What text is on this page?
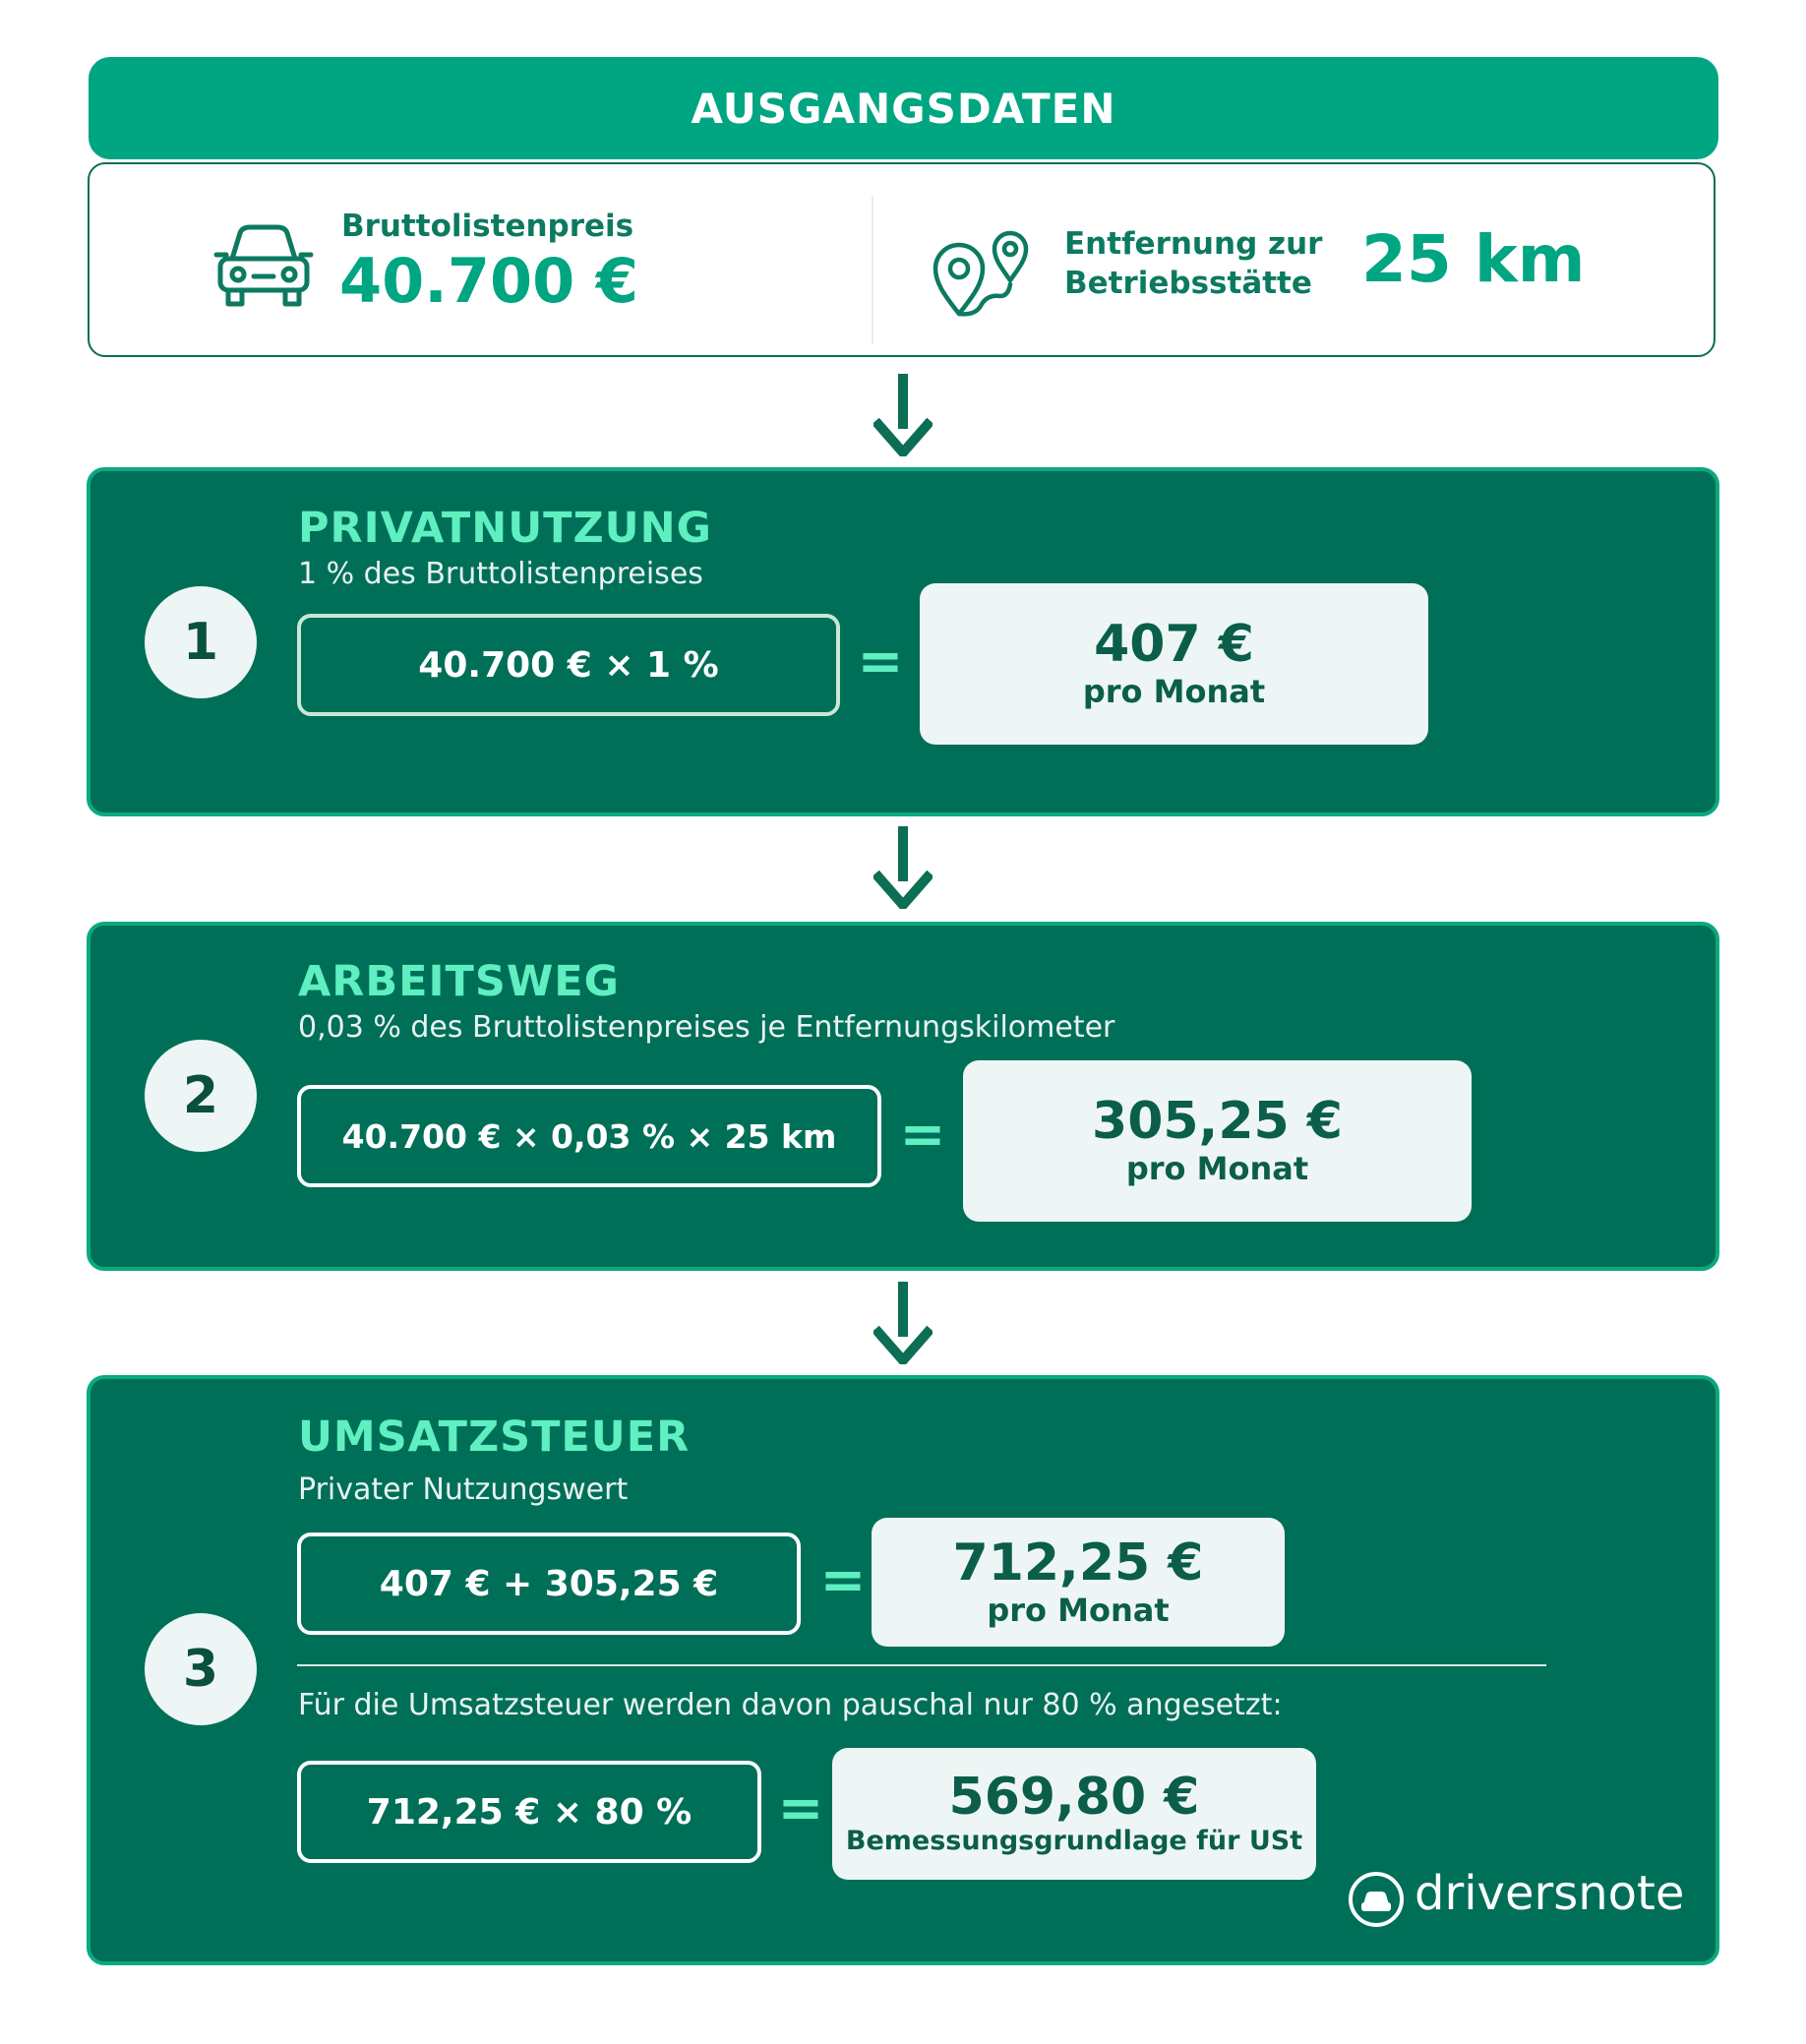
AUSGANGSDATEN
Bruttolistenpreis
40.700 €
Entfernung zur
Betriebsstätte 25 km
1
PRIVATNUTZUNG
1 % des Bruttolistenpreises
40.700 € × 1 %	=	407 €
pro Monat
2
ARBEITSWEG
0,03 % des Bruttolistenpreises je Entfernungskilometer
40.700 € × 0,03 % × 25 km	=	305,25 €
pro Monat
3
UMSATZSTEUER
Privater Nutzungswert
407 € + 305,25 €	= 712,25 €
pro Monat
Für die Umsatzsteuer werden davon pauschal nur 80 % angesetzt:
712,25 € × 80 %	= 569,80 €
Bemessungsgrundlage für USt
driversnote
